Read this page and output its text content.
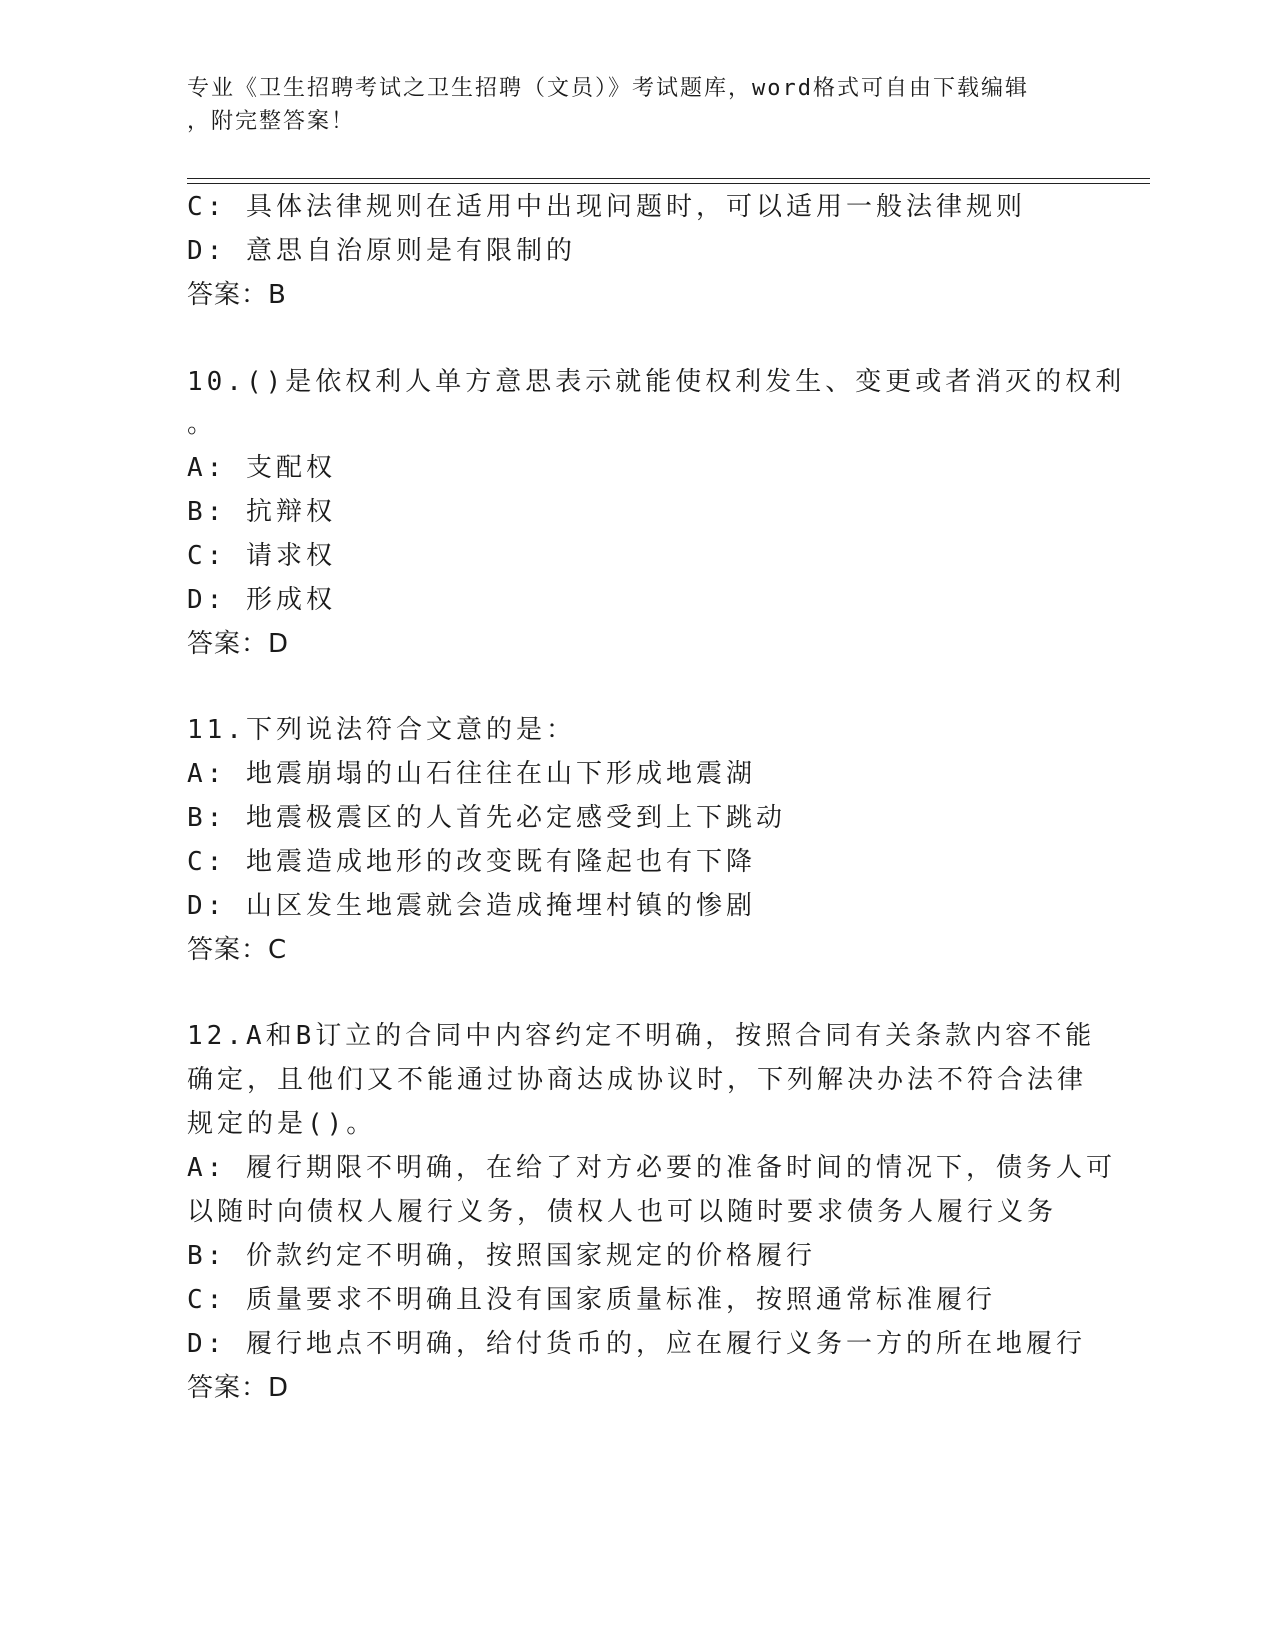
专业《卫生招聘考试之卫生招聘（文员）》考试题库，word格式可自由下载编辑
，附完整答案！
C: 具体法律规则在适用中出现问题时，可以适用一般法律规则
D: 意思自治原则是有限制的
答案：B
10.()是依权利人单方意思表示就能使权利发生、变更或者消灭的权利
。
A: 支配权
B: 抗辩权
C: 请求权
D: 形成权
答案：D
11.下列说法符合文意的是：
A: 地震崩塌的山石往往在山下形成地震湖
B: 地震极震区的人首先必定感受到上下跳动
C: 地震造成地形的改变既有隆起也有下降
D: 山区发生地震就会造成掩埋村镇的惨剧
答案：C
12.A和B订立的合同中内容约定不明确，按照合同有关条款内容不能
确定，且他们又不能通过协商达成协议时，下列解决办法不符合法律
规定的是()。
A: 履行期限不明确，在给了对方必要的准备时间的情况下，债务人可
以随时向债权人履行义务，债权人也可以随时要求债务人履行义务
B: 价款约定不明确，按照国家规定的价格履行
C: 质量要求不明确且没有国家质量标准，按照通常标准履行
D: 履行地点不明确，给付货币的，应在履行义务一方的所在地履行
答案：D
